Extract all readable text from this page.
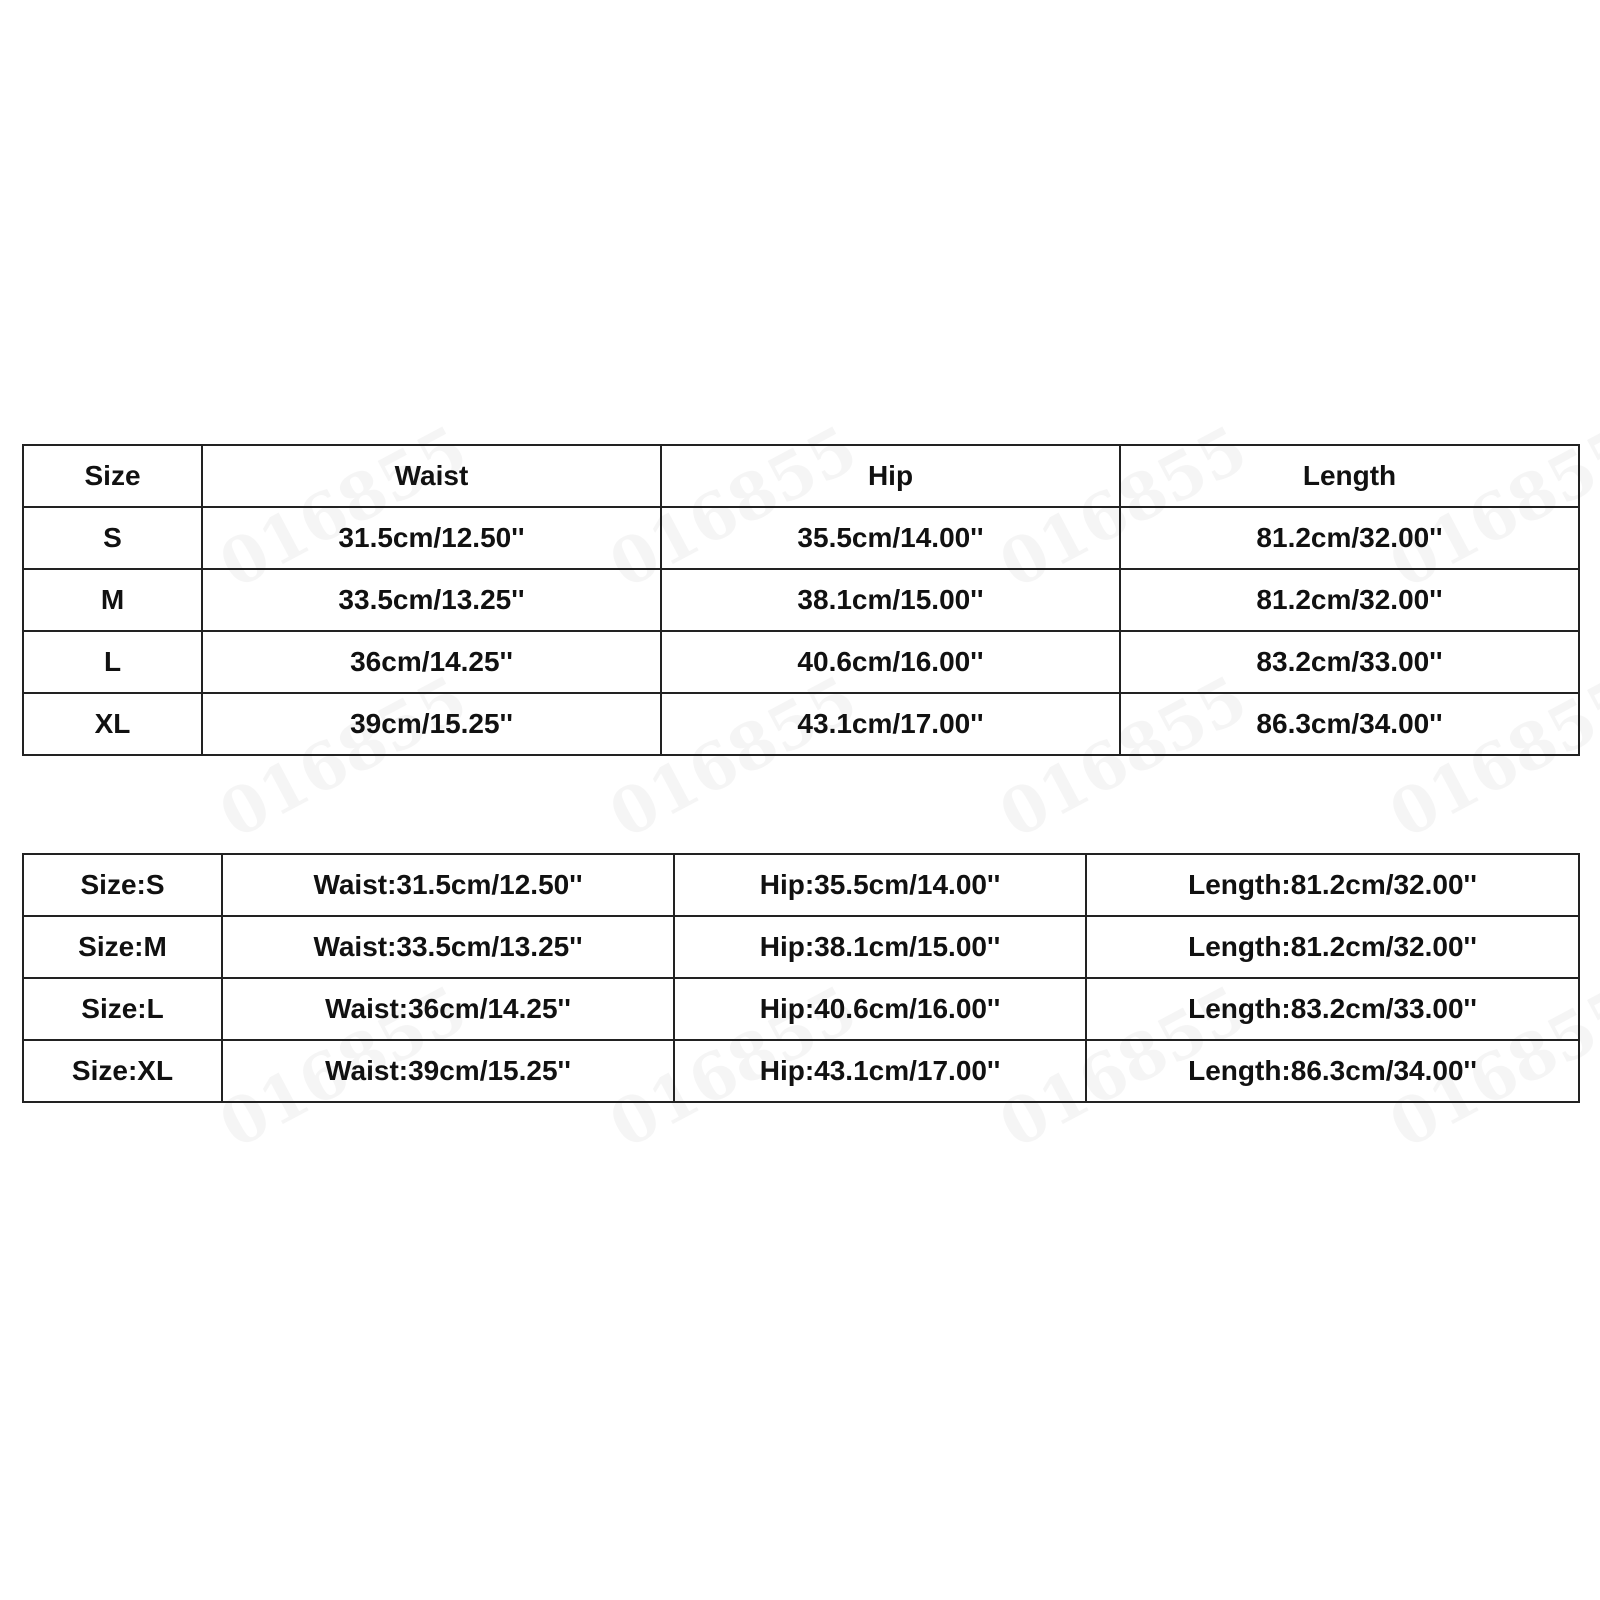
Size	Waist	Hip	Length
S	31.5cm/12.50''	35.5cm/14.00''	81.2cm/32.00''
M	33.5cm/13.25''	38.1cm/15.00''	81.2cm/32.00''
L	36cm/14.25''	40.6cm/16.00''	83.2cm/33.00''
XL	39cm/15.25''	43.1cm/17.00''	86.3cm/34.00''
Size:S	Waist:31.5cm/12.50''	Hip:35.5cm/14.00''	Length:81.2cm/32.00''
Size:M	Waist:33.5cm/13.25''	Hip:38.1cm/15.00''	Length:81.2cm/32.00''
Size:L	Waist:36cm/14.25''	Hip:40.6cm/16.00''	Length:83.2cm/33.00''
Size:XL	Waist:39cm/15.25''	Hip:43.1cm/17.00''	Length:86.3cm/34.00''
